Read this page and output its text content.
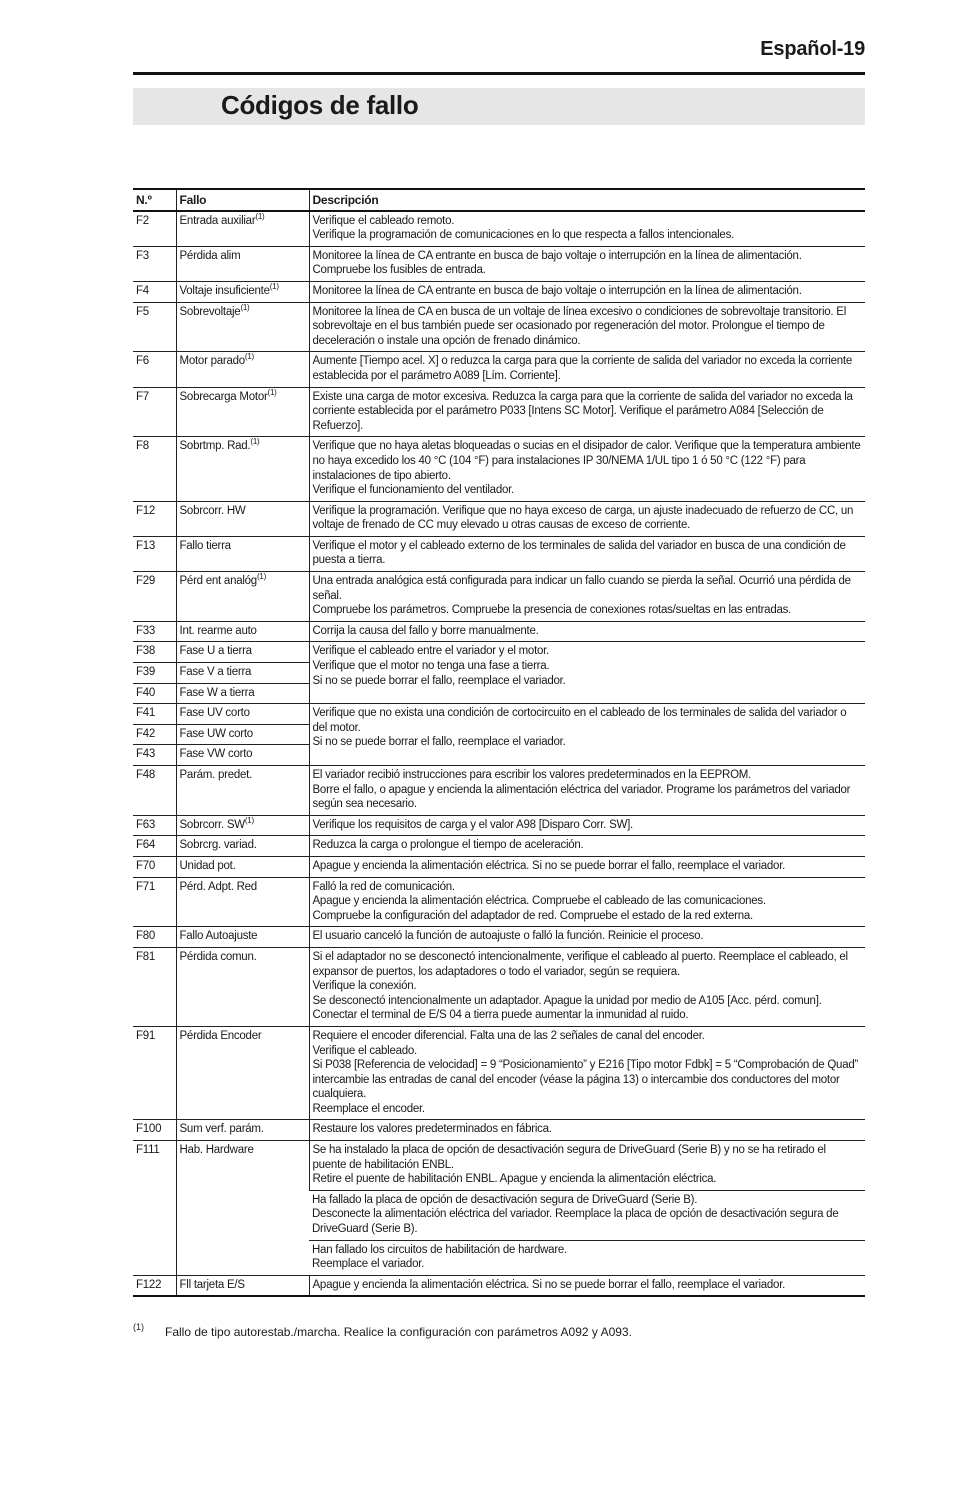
Español-19
Códigos de fallo
N.º	Fallo	Descripción
F2	Entrada auxiliar$^{(1)}$	Verifique el cableado remoto.
Verifique la programación de comunicaciones en lo que respecta a fallos intencionales.

F3	Pérdida alim	Monitoree la línea de CA entrante en busca de bajo voltaje o interrupción en la línea de alimentación.
Compruebe los fusibles de entrada.

F4	Voltaje insuficiente$^{(1)}$	Monitoree la línea de CA entrante en busca de bajo voltaje o interrupción en la línea de alimentación.

F5	Sobrevoltaje$^{(1)}$	Monitoree la línea de CA en busca de un voltaje de línea excesivo o condiciones de sobrevoltaje transitorio. El sobrevoltaje en el bus también puede ser ocasionado por regeneración del motor. Prolongue el tiempo de deceleración o instale una opción de frenado dinámico.

F6	Motor parado$^{(1)}$	Aumente [Tiempo acel. X] o reduzca la carga para que la corriente de salida del variador no exceda la corriente establecida por el parámetro A089 [Lím. Corriente].

F7	Sobrecarga Motor$^{(1)}$	Existe una carga de motor excesiva. Reduzca la carga para que la corriente de salida del variador no exceda la corriente establecida por el parámetro P033 [Intens SC Motor]. Verifique el parámetro A084 [Selección de Refuerzo].

F8	Sobrtmp. Rad.$^{(1)}$	Verifique que no haya aletas bloqueadas o sucias en el disipador de calor. Verifique que la temperatura ambiente no haya excedido los 40 °C (104 °F) para instalaciones IP 30/NEMA 1/UL tipo 1 ó 50 °C (122 °F) para instalaciones de tipo abierto.
Verifique el funcionamiento del ventilador.

F12	Sobrcorr. HW	Verifique la programación. Verifique que no haya exceso de carga, un ajuste inadecuado de refuerzo de CC, un voltaje de frenado de CC muy elevado u otras causas de exceso de corriente.

F13	Fallo tierra	Verifique el motor y el cableado externo de los terminales de salida del variador en busca de una condición de puesta a tierra.

F29	Pérd ent analóg$^{(1)}$	Una entrada analógica está configurada para indicar un fallo cuando se pierda la señal. Ocurrió una pérdida de señal.
Compruebe los parámetros. Compruebe la presencia de conexiones rotas/sueltas en las entradas.

F33	Int. rearme auto	Corrija la causa del fallo y borre manualmente.

F38	Fase U a tierra	Verifique el cableado entre el variador y el motor.
Verifique que el motor no tenga una fase a tierra.
Si no se puede borrar el fallo, reemplace el variador.

F39	Fase V a tierra	
F40	Fase W a tierra	
F41	Fase UV corto	Verifique que no exista una condición de cortocircuito en el cableado de los terminales de salida del variador o del motor.
Si no se puede borrar el fallo, reemplace el variador.

F42	Fase UW corto	
F43	Fase VW corto	
F48	Parám. predet.	El variador recibió instrucciones para escribir los valores predeterminados en la EEPROM.
Borre el fallo, o apague y encienda la alimentación eléctrica del variador. Programe los parámetros del variador según sea necesario.

F63	Sobrcorr. SW$^{(1)}$	Verifique los requisitos de carga y el valor A98 [Disparo Corr. SW].

F64	Sobrcrg. variad.	Reduzca la carga o prolongue el tiempo de aceleración.

F70	Unidad pot.	Apague y encienda la alimentación eléctrica. Si no se puede borrar el fallo, reemplace el variador.

F71	Pérd. Adpt. Red	Falló la red de comunicación.
Apague y encienda la alimentación eléctrica. Compruebe el cableado de las comunicaciones.
Compruebe la configuración del adaptador de red. Compruebe el estado de la red externa.

F80	Fallo Autoajuste	El usuario canceló la función de autoajuste o falló la función. Reinicie el proceso.

F81	Pérdida comun.	Si el adaptador no se desconectó intencionalmente, verifique el cableado al puerto. Reemplace el cableado, el expansor de puertos, los adaptadores o todo el variador, según se requiera.
Verifique la conexión.
Se desconectó intencionalmente un adaptador. Apague la unidad por medio de A105 [Acc. pérd. comun].
Conectar el terminal de E/S 04 a tierra puede aumentar la inmunidad al ruido.

F91	Pérdida Encoder	Requiere el encoder diferencial. Falta una de las 2 señales de canal del encoder.
Verifique el cableado.
Si P038 [Referencia de velocidad] = 9 “Posicionamiento” y E216 [Tipo motor Fdbk] = 5 “Comprobación de Quad” intercambie las entradas de canal del encoder (véase la página 13) o intercambie dos conductores del motor cualquiera.
Reemplace el encoder.

F100	Sum verf. parám.	Restaure los valores predeterminados en fábrica.

F111	Hab. Hardware	Se ha instalado la placa de opción de desactivación segura de DriveGuard (Serie B) y no se ha retirado el puente de habilitación ENBL.
Retire el puente de habilitación ENBL. Apague y encienda la alimentación eléctrica.

		Ha fallado la placa de opción de desactivación segura de DriveGuard (Serie B).
Desconecte la alimentación eléctrica del variador. Reemplace la placa de opción de desactivación segura de DriveGuard (Serie B).

		Han fallado los circuitos de habilitación de hardware.
Reemplace el variador.

F122	Fll tarjeta E/S	Apague y encienda la alimentación eléctrica. Si no se puede borrar el fallo, reemplace el variador.
(1) Fallo de tipo autorestab./marcha. Realice la configuración con parámetros A092 y A093.
